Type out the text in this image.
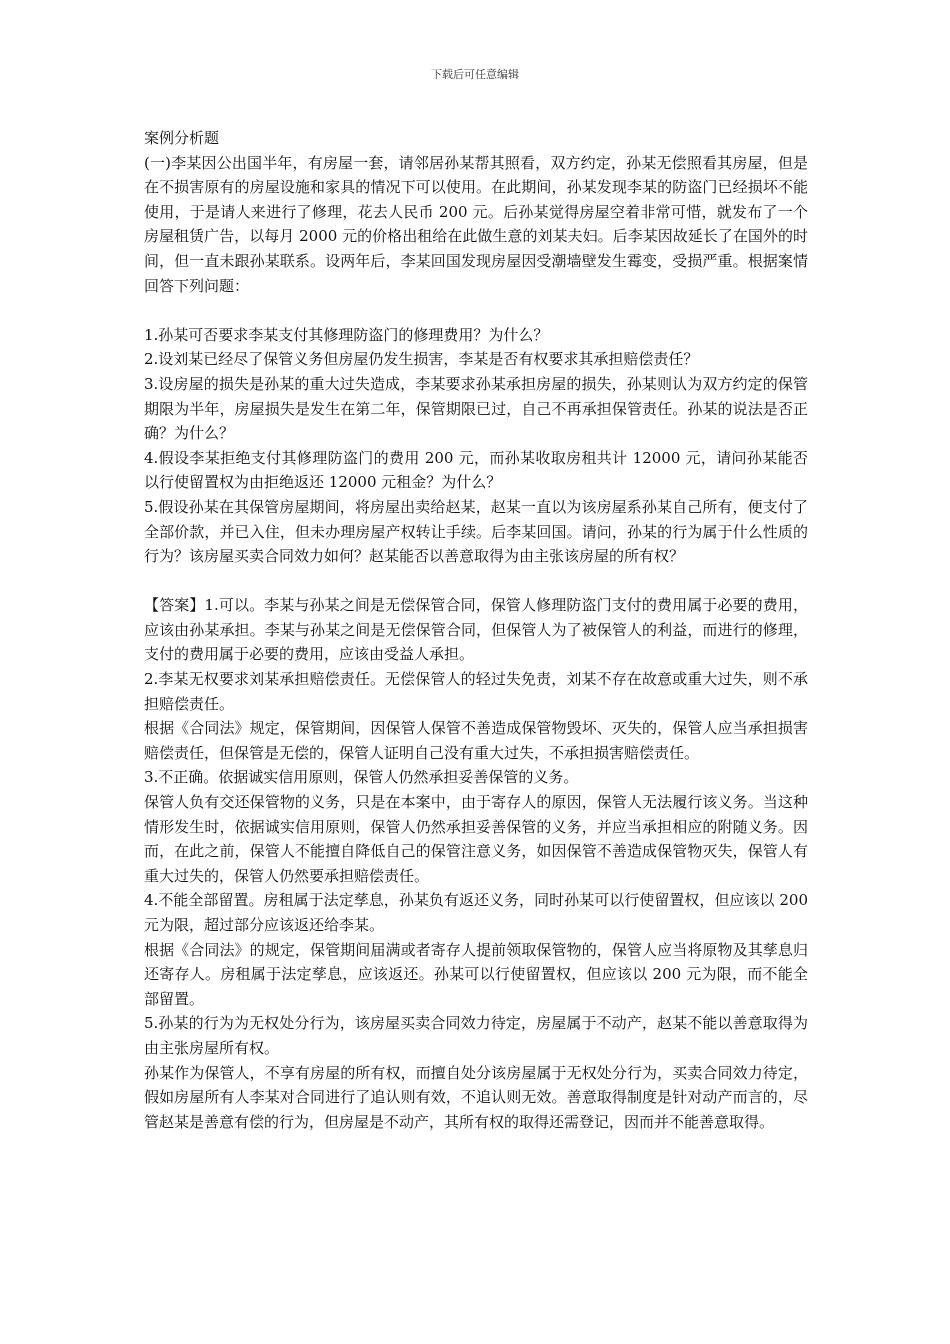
下载后可任意编辑

案例分析题

(一)李某因公出国半年，有房屋一套，请邻居孙某帮其照看，双方约定，孙某无偿照看其房屋，但是在不损害原有的房屋设施和家具的情况下可以使用。在此期间，孙某发现李某的防盗门已经损坏不能使用，于是请人来进行了修理，花去人民币 200 元。后孙某觉得房屋空着非常可惜，就发布了一个房屋租赁广告，以每月 2000 元的价格出租给在此做生意的刘某夫妇。后李某因故延长了在国外的时间，但一直未跟孙某联系。设两年后，李某回国发现房屋因受潮墙壁发生霉变，受损严重。根据案情回答下列问题：

1.孙某可否要求李某支付其修理防盗门的修理费用？为什么？

2.设刘某已经尽了保管义务但房屋仍发生损害，李某是否有权要求其承担赔偿责任？

3.设房屋的损失是孙某的重大过失造成，李某要求孙某承担房屋的损失，孙某则认为双方约定的保管期限为半年，房屋损失是发生在第二年，保管期限已过，自己不再承担保管责任。孙某的说法是否正确？为什么？

4.假设李某拒绝支付其修理防盗门的费用 200 元，而孙某收取房租共计 12000 元，请问孙某能否以行使留置权为由拒绝返还 12000 元租金？为什么？

5.假设孙某在其保管房屋期间，将房屋出卖给赵某，赵某一直以为该房屋系孙某自己所有，便支付了全部价款，并已入住，但未办理房屋产权转让手续。后李某回国。请问，孙某的行为属于什么性质的行为？该房屋买卖合同效力如何？赵某能否以善意取得为由主张该房屋的所有权？

【答案】1.可以。李某与孙某之间是无偿保管合同，保管人修理防盗门支付的费用属于必要的费用，应该由孙某承担。李某与孙某之间是无偿保管合同，但保管人为了被保管人的利益，而进行的修理，支付的费用属于必要的费用，应该由受益人承担。

2.李某无权要求刘某承担赔偿责任。无偿保管人的轻过失免责，刘某不存在故意或重大过失，则不承担赔偿责任。

根据《合同法》规定，保管期间，因保管人保管不善造成保管物毁坏、灭失的，保管人应当承担损害赔偿责任，但保管是无偿的，保管人证明自己没有重大过失，不承担损害赔偿责任。

3.不正确。依据诚实信用原则，保管人仍然承担妥善保管的义务。

保管人负有交还保管物的义务，只是在本案中，由于寄存人的原因，保管人无法履行该义务。当这种情形发生时，依据诚实信用原则，保管人仍然承担妥善保管的义务，并应当承担相应的附随义务。因而，在此之前，保管人不能擅自降低自己的保管注意义务，如因保管不善造成保管物灭失，保管人有重大过失的，保管人仍然要承担赔偿责任。

4.不能全部留置。房租属于法定孳息，孙某负有返还义务，同时孙某可以行使留置权，但应该以 200 元为限，超过部分应该返还给李某。

根据《合同法》的规定，保管期间届满或者寄存人提前领取保管物的，保管人应当将原物及其孳息归还寄存人。房租属于法定孳息，应该返还。孙某可以行使留置权，但应该以 200 元为限，而不能全部留置。

5.孙某的行为为无权处分行为，该房屋买卖合同效力待定，房屋属于不动产，赵某不能以善意取得为由主张房屋所有权。

孙某作为保管人，不享有房屋的所有权，而擅自处分该房屋属于无权处分行为，买卖合同效力待定，假如房屋所有人李某对合同进行了追认则有效，不追认则无效。善意取得制度是针对动产而言的，尽管赵某是善意有偿的行为，但房屋是不动产，其所有权的取得还需登记，因而并不能善意取得。
